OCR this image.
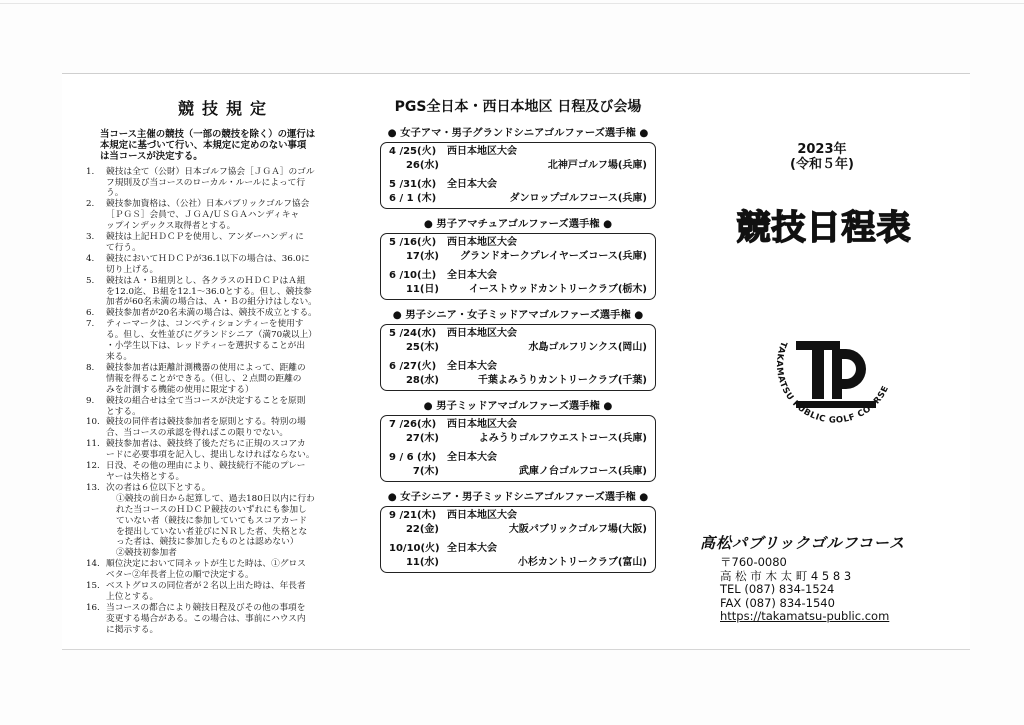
競技規定
当コース主催の競技（一部の競技を除く）の運行は
本規定に基づいて行い、本規定に定めのない事項
は当コースが決定する。
1. 競技は全て（公財）日本ゴルフ協会［ＪＧＡ］のゴル
フ規則及び当コースのローカル・ルールによって行
う。
2. 競技参加資格は、（公社）日本パブリックゴルフ協会
［ＰＧＳ］会員で、ＪＧＡ/ＵＳＧＡハンディキャ
ップインデックス取得者とする。
3. 競技は上記ＨＤＣＰを使用し、アンダーハンディに
て行う。
4. 競技においてＨＤＣＰが36.1以下の場合は、36.0に
切り上げる。
5. 競技はＡ・Ｂ組別とし、各クラスのＨＤＣＰはＡ組
を12.0迄、Ｂ組を12.1～36.0とする。但し、競技参
加者が60名未満の場合は、Ａ・Ｂの組分けはしない。
6. 競技参加者が20名未満の場合は、競技不成立とする。
7. ティーマークは、コンペティションティーを使用す
る。但し、女性並びにグランドシニア（満70歳以上）
・小学生以下は、レッドティーを選択することが出
来る。
8. 競技参加者は距離計測機器の使用によって、距離の
情報を得ることができる。（但し、２点間の距離の
みを計測する機能の使用に限定する）
9. 競技の組合せは全て当コースが決定することを原則
とする。
10. 競技の同伴者は競技参加者を原則とする。特別の場
合、当コースの承認を得ればこの限りでない。
11. 競技参加者は、競技終了後ただちに正規のスコアカ
ードに必要事項を記入し、提出しなければならない。
12. 日没、その他の理由により、競技続行不能のプレー
ヤーは失格とする。
13. 次の者は６位以下とする。
①競技の前日から起算して、過去180日以内に行わ
れた当コースのＨＤＣＰ競技のいずれにも参加し
ていない者（競技に参加していてもスコアカード
を提出していない者並びにＮＲした者、失格とな
った者は、競技に参加したものとは認めない）
②競技初参加者
14. 順位決定において同ネットが生じた時は、①グロス
ベター②年長者上位の順で決定する。
15. ベストグロスの同位者が２名以上出た時は、年長者
上位とする。
16. 当コースの都合により競技日程及びその他の事項を
変更する場合がある。この場合は、事前にハウス内
に掲示する。
PGS全日本・西日本地区 日程及び会場
● 女子アマ・男子グランドシニアゴルファーズ選手権 ●
4 /25(火) 西日本地区大会
26(水)	北神戸ゴルフ場(兵庫)
5 /31(水) 全日本大会
6 / 1 (木)	ダンロップゴルフコース(兵庫)
● 男子アマチュアゴルファーズ選手権 ●
5 /16(火) 西日本地区大会
17(水) グランドオークプレイヤーズコース(兵庫)
6 /10(土) 全日本大会
11(日)	イーストウッドカントリークラブ(栃木)
● 男子シニア・女子ミッドアマゴルファーズ選手権 ●
5 /24(水) 西日本地区大会
25(木)	水島ゴルフリンクス(岡山)
6 /27(火) 全日本大会
28(水)	千葉よみうりカントリークラブ(千葉)
● 男子ミッドアマゴルファーズ選手権 ●
7 /26(水) 西日本地区大会
27(木)	よみうりゴルフウエストコース(兵庫)
9 / 6 (水) 全日本大会
7(木)	武庫ノ台ゴルフコース(兵庫)
● 女子シニア・男子ミッドシニアゴルファーズ選手権 ●
9 /21(木) 西日本地区大会
22(金)	大阪パブリックゴルフ場(大阪)
10/10(火) 全日本大会
11(水)	小杉カントリークラブ(富山)
2023年
(令和５年)
競技日程表
TAKAMATSU PUBLIC GOLF COURSE
高松パブリックゴルフコース
〒760-0080
高 松 市 木 太 町 4 5 8 3
TEL (087) 834-1524
FAX (087) 834-1540
https://takamatsu-public.com
